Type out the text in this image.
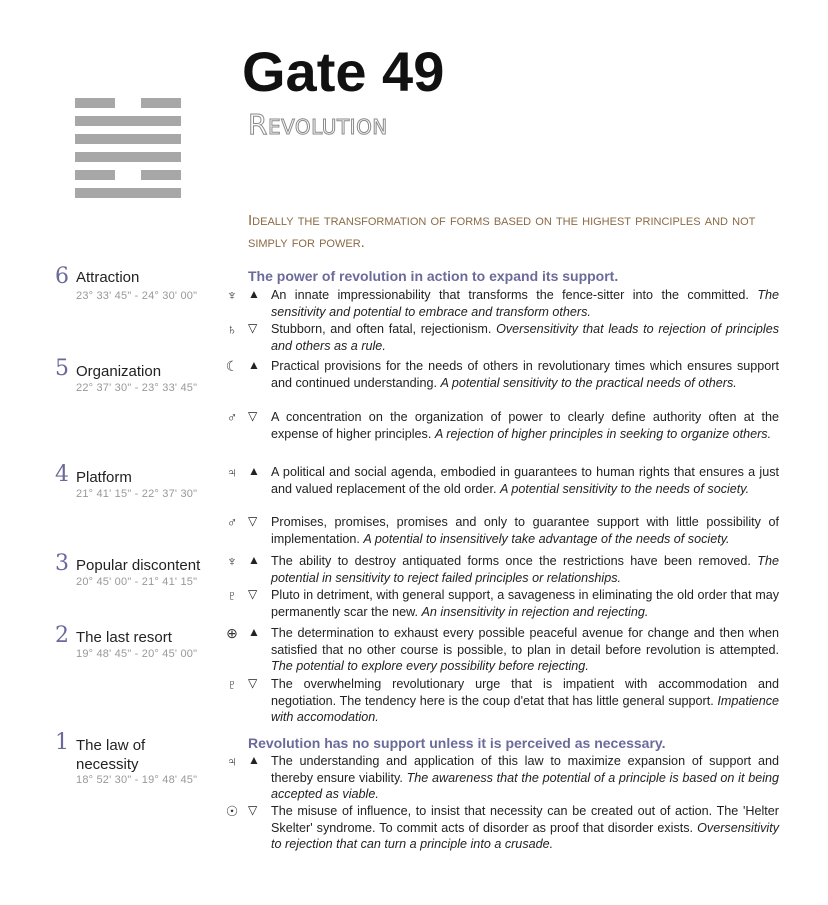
Gate 49
Revolution
Ideally the transformation of forms based on the highest principles and not simply for power.
6 Attraction
23° 33' 45" - 24° 30' 00"
5 Organization
22° 37' 30" - 23° 33' 45"
4 Platform
21° 41' 15" - 22° 37' 30"
3 Popular discontent
20° 45' 00" - 21° 41' 15"
2 The last resort
19° 48' 45" - 20° 45' 00"
1 The law of necessity
18° 52' 30" - 19° 48' 45"
The power of revolution in action to expand its support.
Revolution has no support unless it is perceived as necessary.
♆ ▲ An innate impressionability that transforms the fence-sitter into the committed. The sensitivity and potential to embrace and transform others.
♄ ▽ Stubborn, and often fatal, rejectionism. Oversensitivity that leads to rejection of principles and others as a rule.
☾ ▲ Practical provisions for the needs of others in revolutionary times which ensures support and continued understanding. A potential sensitivity to the practical needs of others.
♂ ▽ A concentration on the organization of power to clearly define authority often at the expense of higher principles. A rejection of higher principles in seeking to organize others.
♃ ▲ A political and social agenda, embodied in guarantees to human rights that ensures a just and valued replacement of the old order. A potential sensitivity to the needs of society.
♂ ▽ Promises, promises, promises and only to guarantee support with little possibility of implementation. A potential to insensitively take advantage of the needs of society.
♆ ▲ The ability to destroy antiquated forms once the restrictions have been removed. The potential in sensitivity to reject failed principles or relationships.
♇ ▽ Pluto in detriment, with general support, a savageness in eliminating the old order that may permanently scar the new. An insensitivity in rejection and rejecting.
⊕ ▲ The determination to exhaust every possible peaceful avenue for change and then when satisfied that no other course is possible, to plan in detail before revolution is attempted. The potential to explore every possibility before rejecting.
♇ ▽ The overwhelming revolutionary urge that is impatient with accommodation and negotiation. The tendency here is the coup d'etat that has little general support. Impatience with accomodation.
♃ ▲ The understanding and application of this law to maximize expansion of support and thereby ensure viability. The awareness that the potential of a principle is based on it being accepted as viable.
☉ ▽ The misuse of influence, to insist that necessity can be created out of action. The 'Helter Skelter' syndrome. To commit acts of disorder as proof that disorder exists. Oversensitivity to rejection that can turn a principle into a crusade.
